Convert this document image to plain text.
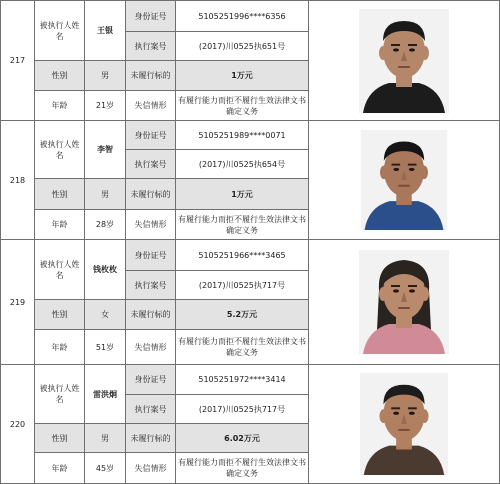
217	被执行人姓名	王银	身份证号	5105251996****6356	

			执行案号	(2017)川0525执651号	
	性别	男	未履行标的	1万元	
	年龄	21岁	失信情形	有履行能力而拒不履行生效法律文书确定义务	
218	被执行人姓名	李智	身份证号	5105251989****0071	

			执行案号	(2017)川0525执654号	
	性别	男	未履行标的	1万元	
	年龄	28岁	失信情形	有履行能力而拒不履行生效法律文书确定义务	
219	被执行人姓名	钱枚枚	身份证号	5105251966****3465	

			执行案号	(2017)川0525执717号	
	性别	女	未履行标的	5.2万元	
	年龄	51岁	失信情形	有履行能力而拒不履行生效法律文书确定义务	
220	被执行人姓名	雷洪炯	身份证号	5105251972****3414	

			执行案号	(2017)川0525执717号	
	性别	男	未履行标的	6.02万元	
	年龄	45岁	失信情形	有履行能力而拒不履行生效法律文书确定义务	
